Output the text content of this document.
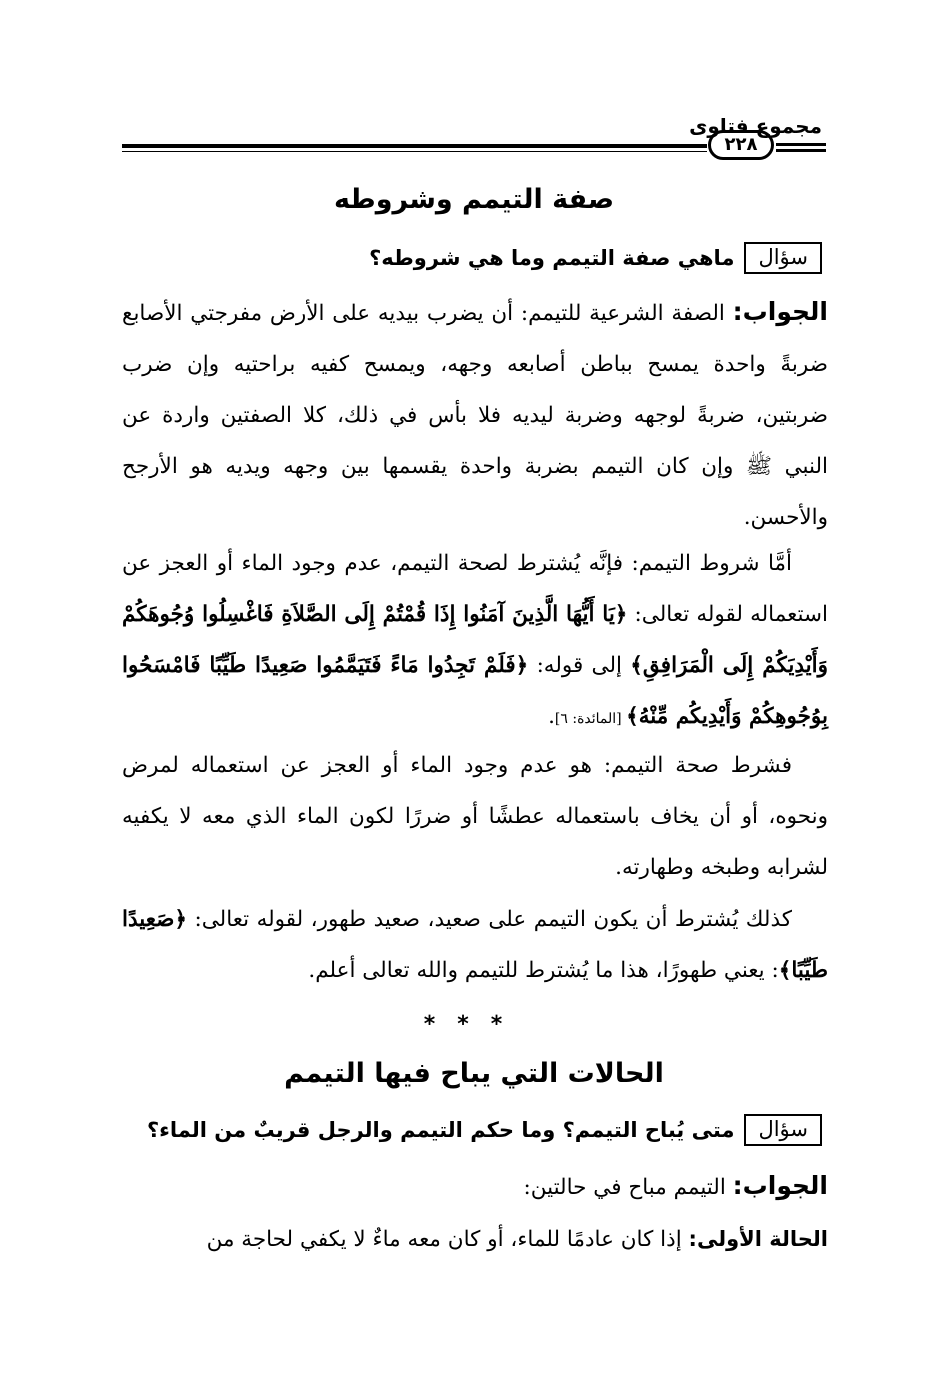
مجموع فتاوى
٢٢٨
صفة التيمم وشروطه
سؤال
ماهي صفة التيمم وما هي شروطه؟

الجواب: الصفة الشرعية للتيمم: أن يضرب بيديه على الأرض مفرجتي الأصابع ضربةً واحدة يمسح بباطن أصابعه وجهه، ويمسح كفيه براحتيه وإن ضرب ضربتين، ضربةً لوجهه وضربة ليديه فلا بأس في ذلك، كلا الصفتين واردة عن النبي ﷺ وإن كان التيمم بضربة واحدة يقسمها بين وجهه ويديه هو الأرجح والأحسن.

أمَّا شروط التيمم: فإنَّه يُشترط لصحة التيمم، عدم وجود الماء أو العجز عن استعماله لقوله تعالى: ﴿يَا أَيُّهَا الَّذِينَ آمَنُوا إِذَا قُمْتُمْ إِلَى الصَّلاَةِ فَاغْسِلُوا وُجُوهَكُمْ وَأَيْدِيَكُمْ إِلَى الْمَرَافِقِ﴾ إلى قوله: ﴿فَلَمْ تَجِدُوا مَاءً فَتَيَمَّمُوا صَعِيدًا طَيِّبًا فَامْسَحُوا بِوُجُوهِكُمْ وَأَيْدِيكُم مِّنْهُ﴾ [المائدة: ٦].

فشرط صحة التيمم: هو عدم وجود الماء أو العجز عن استعماله لمرض ونحوه، أو أن يخاف باستعماله عطشًا أو ضررًا لكون الماء الذي معه لا يكفيه لشرابه وطبخه وطهارته.

كذلك يُشترط أن يكون التيمم على صعيد، صعيد طهور، لقوله تعالى: ﴿صَعِيدًا طَيِّبًا﴾: يعني طهورًا، هذا ما يُشترط للتيمم والله تعالى أعلم.

***
الحالات التي يباح فيها التيمم
سؤال
متى يُباح التيمم؟ وما حكم التيمم والرجل قريبٌ من الماء؟

الجواب: التيمم مباح في حالتين:

الحالة الأولى: إذا كان عادمًا للماء، أو كان معه ماءٌ لا يكفي لحاجة من
